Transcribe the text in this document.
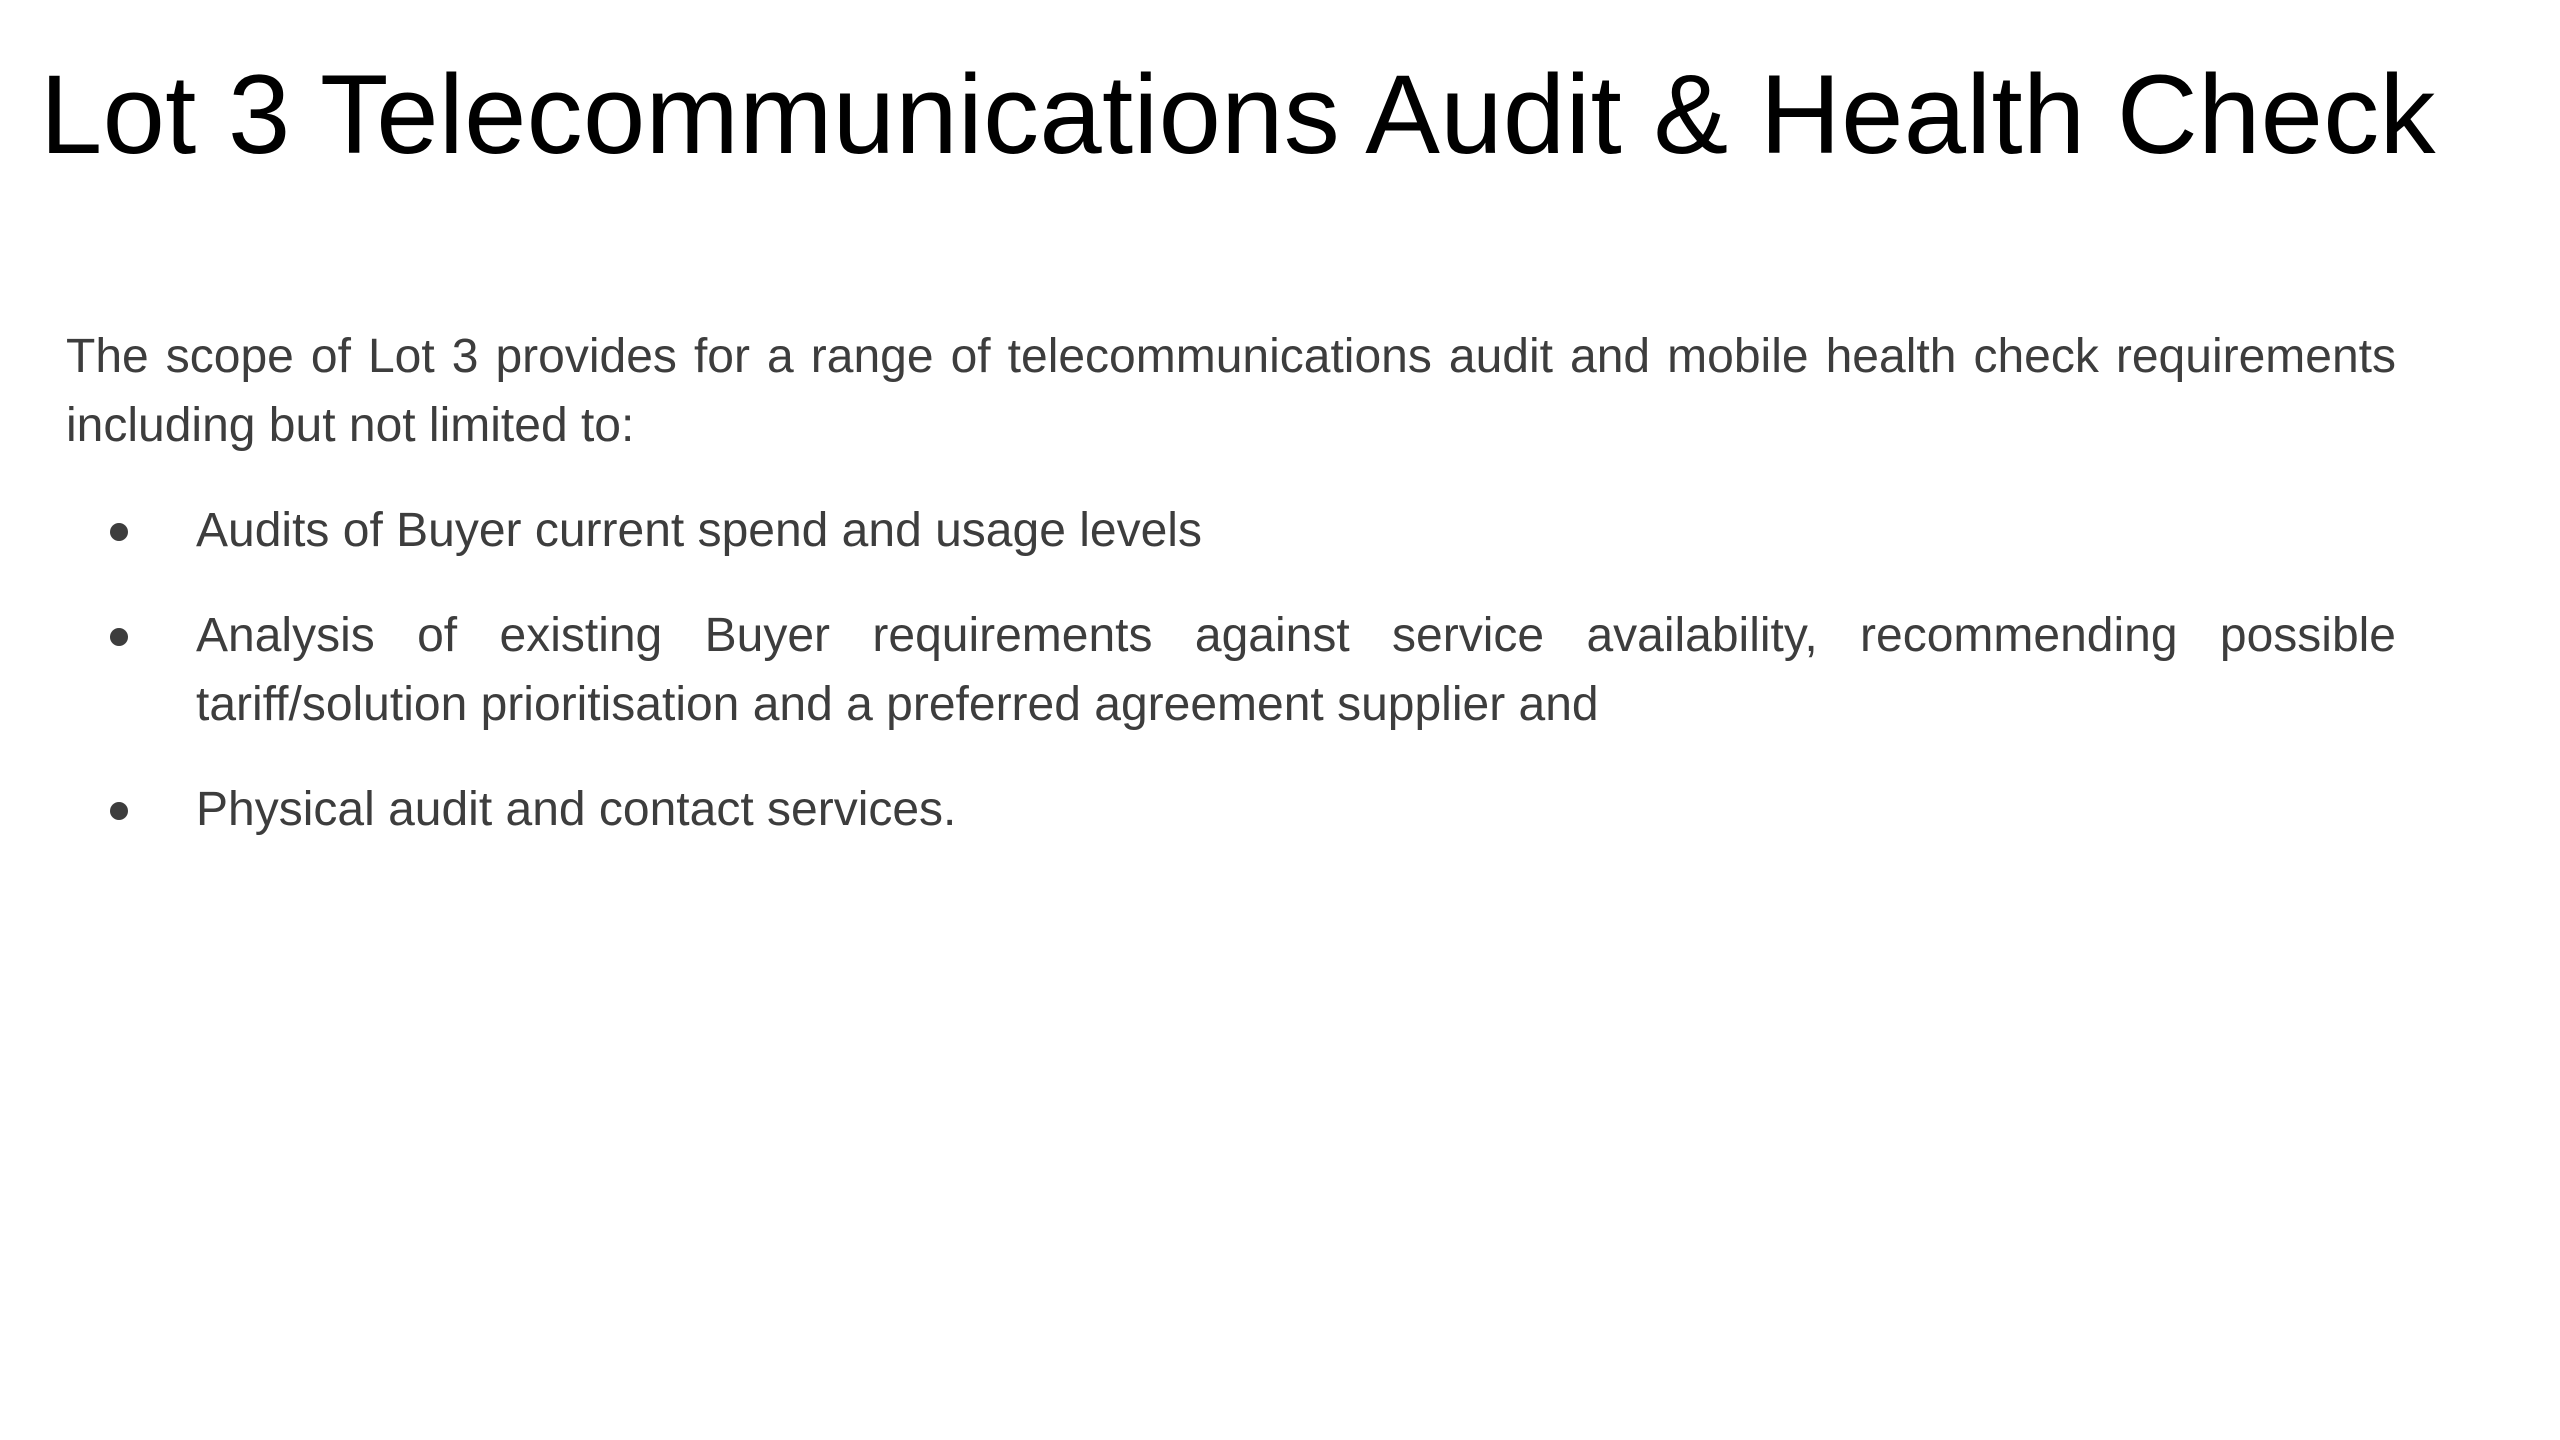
Lot 3 Telecommunications Audit & Health Check

The scope of Lot 3 provides for a range of telecommunications audit and mobile health check requirements including but not limited to:

Audits of Buyer current spend and usage levels
Analysis of existing Buyer requirements against service availability, recommending possible tariff/solution prioritisation and a preferred agreement supplier and
Physical audit and contact services.
